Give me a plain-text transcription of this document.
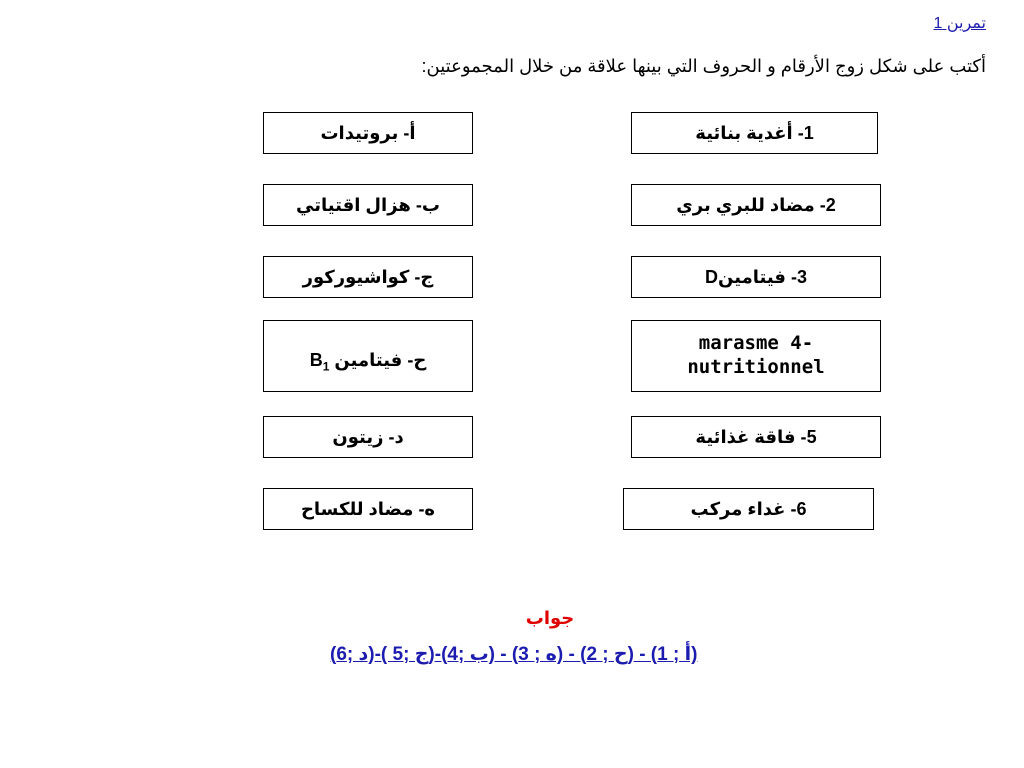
تمرين 1
أكتب على شكل زوج الأرقام و الحروف التي بينها علاقة من خلال المجموعتين:
أ- بروتيدات
ب- هزال اقتياتي
ج- كواشيوركور
ح- فيتامين $B_1$
د- زيتون
ه- مضاد للكساح
1- أغدية بنائية
2- مضاد للبري بري
3- فيتامينD
marasme 4-
nutritionnel
5- فاقة غذائية
6- غداء مركب
جواب
(أ ; 1) - (ح ; 2) - (ه ; 3) - (ب ;4)-(ج ;5 )-(د ;6)
